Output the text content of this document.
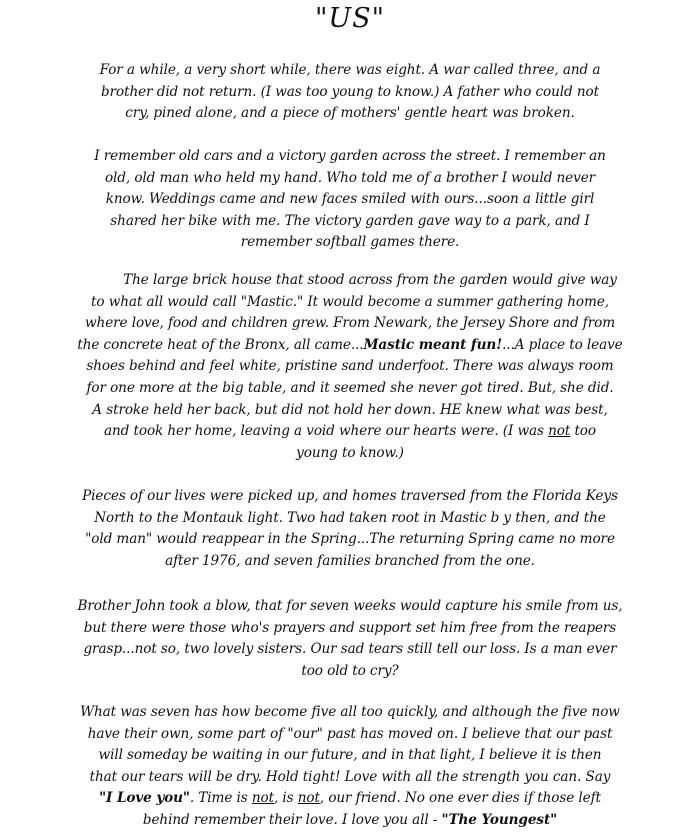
"US"

For a while, a very short while, there was eight. A war called three, and a
brother did not return. (I was too young to know.) A father who could not
cry, pined alone, and a piece of mothers' gentle heart was broken.

I remember old cars and a victory garden across the street. I remember an
old, old man who held my hand. Who told me of a brother I would never
know. Weddings came and new faces smiled with ours...soon a little girl
shared her bike with me. The victory garden gave way to a park, and I
remember softball games there.

The large brick house that stood across from the garden would give way
to what all would call "Mastic." It would become a summer gathering home,
where love, food and children grew. From Newark, the Jersey Shore and from
the concrete heat of the Bronx, all came...Mastic meant fun!...A place to leave
shoes behind and feel white, pristine sand underfoot. There was always room
for one more at the big table, and it seemed she never got tired. But, she did.
A stroke held her back, but did not hold her down. HE knew what was best,
and took her home, leaving a void where our hearts were. (I was not too
young to know.)

Pieces of our lives were picked up, and homes traversed from the Florida Keys
North to the Montauk light. Two had taken root in Mastic b y then, and the
"old man" would reappear in the Spring...The returning Spring came no more
after 1976, and seven families branched from the one.

Brother John took a blow, that for seven weeks would capture his smile from us,
but there were those who's prayers and support set him free from the reapers
grasp...not so, two lovely sisters. Our sad tears still tell our loss. Is a man ever
too old to cry?

What was seven has how become five all too quickly, and although the five now
have their own, some part of "our" past has moved on. I believe that our past
will someday be waiting in our future, and in that light, I believe it is then
that our tears will be dry. Hold tight! Love with all the strength you can. Say
"I Love you". Time is not, is not, our friend. No one ever dies if those left
behind remember their love. I love you all - "The Youngest"
